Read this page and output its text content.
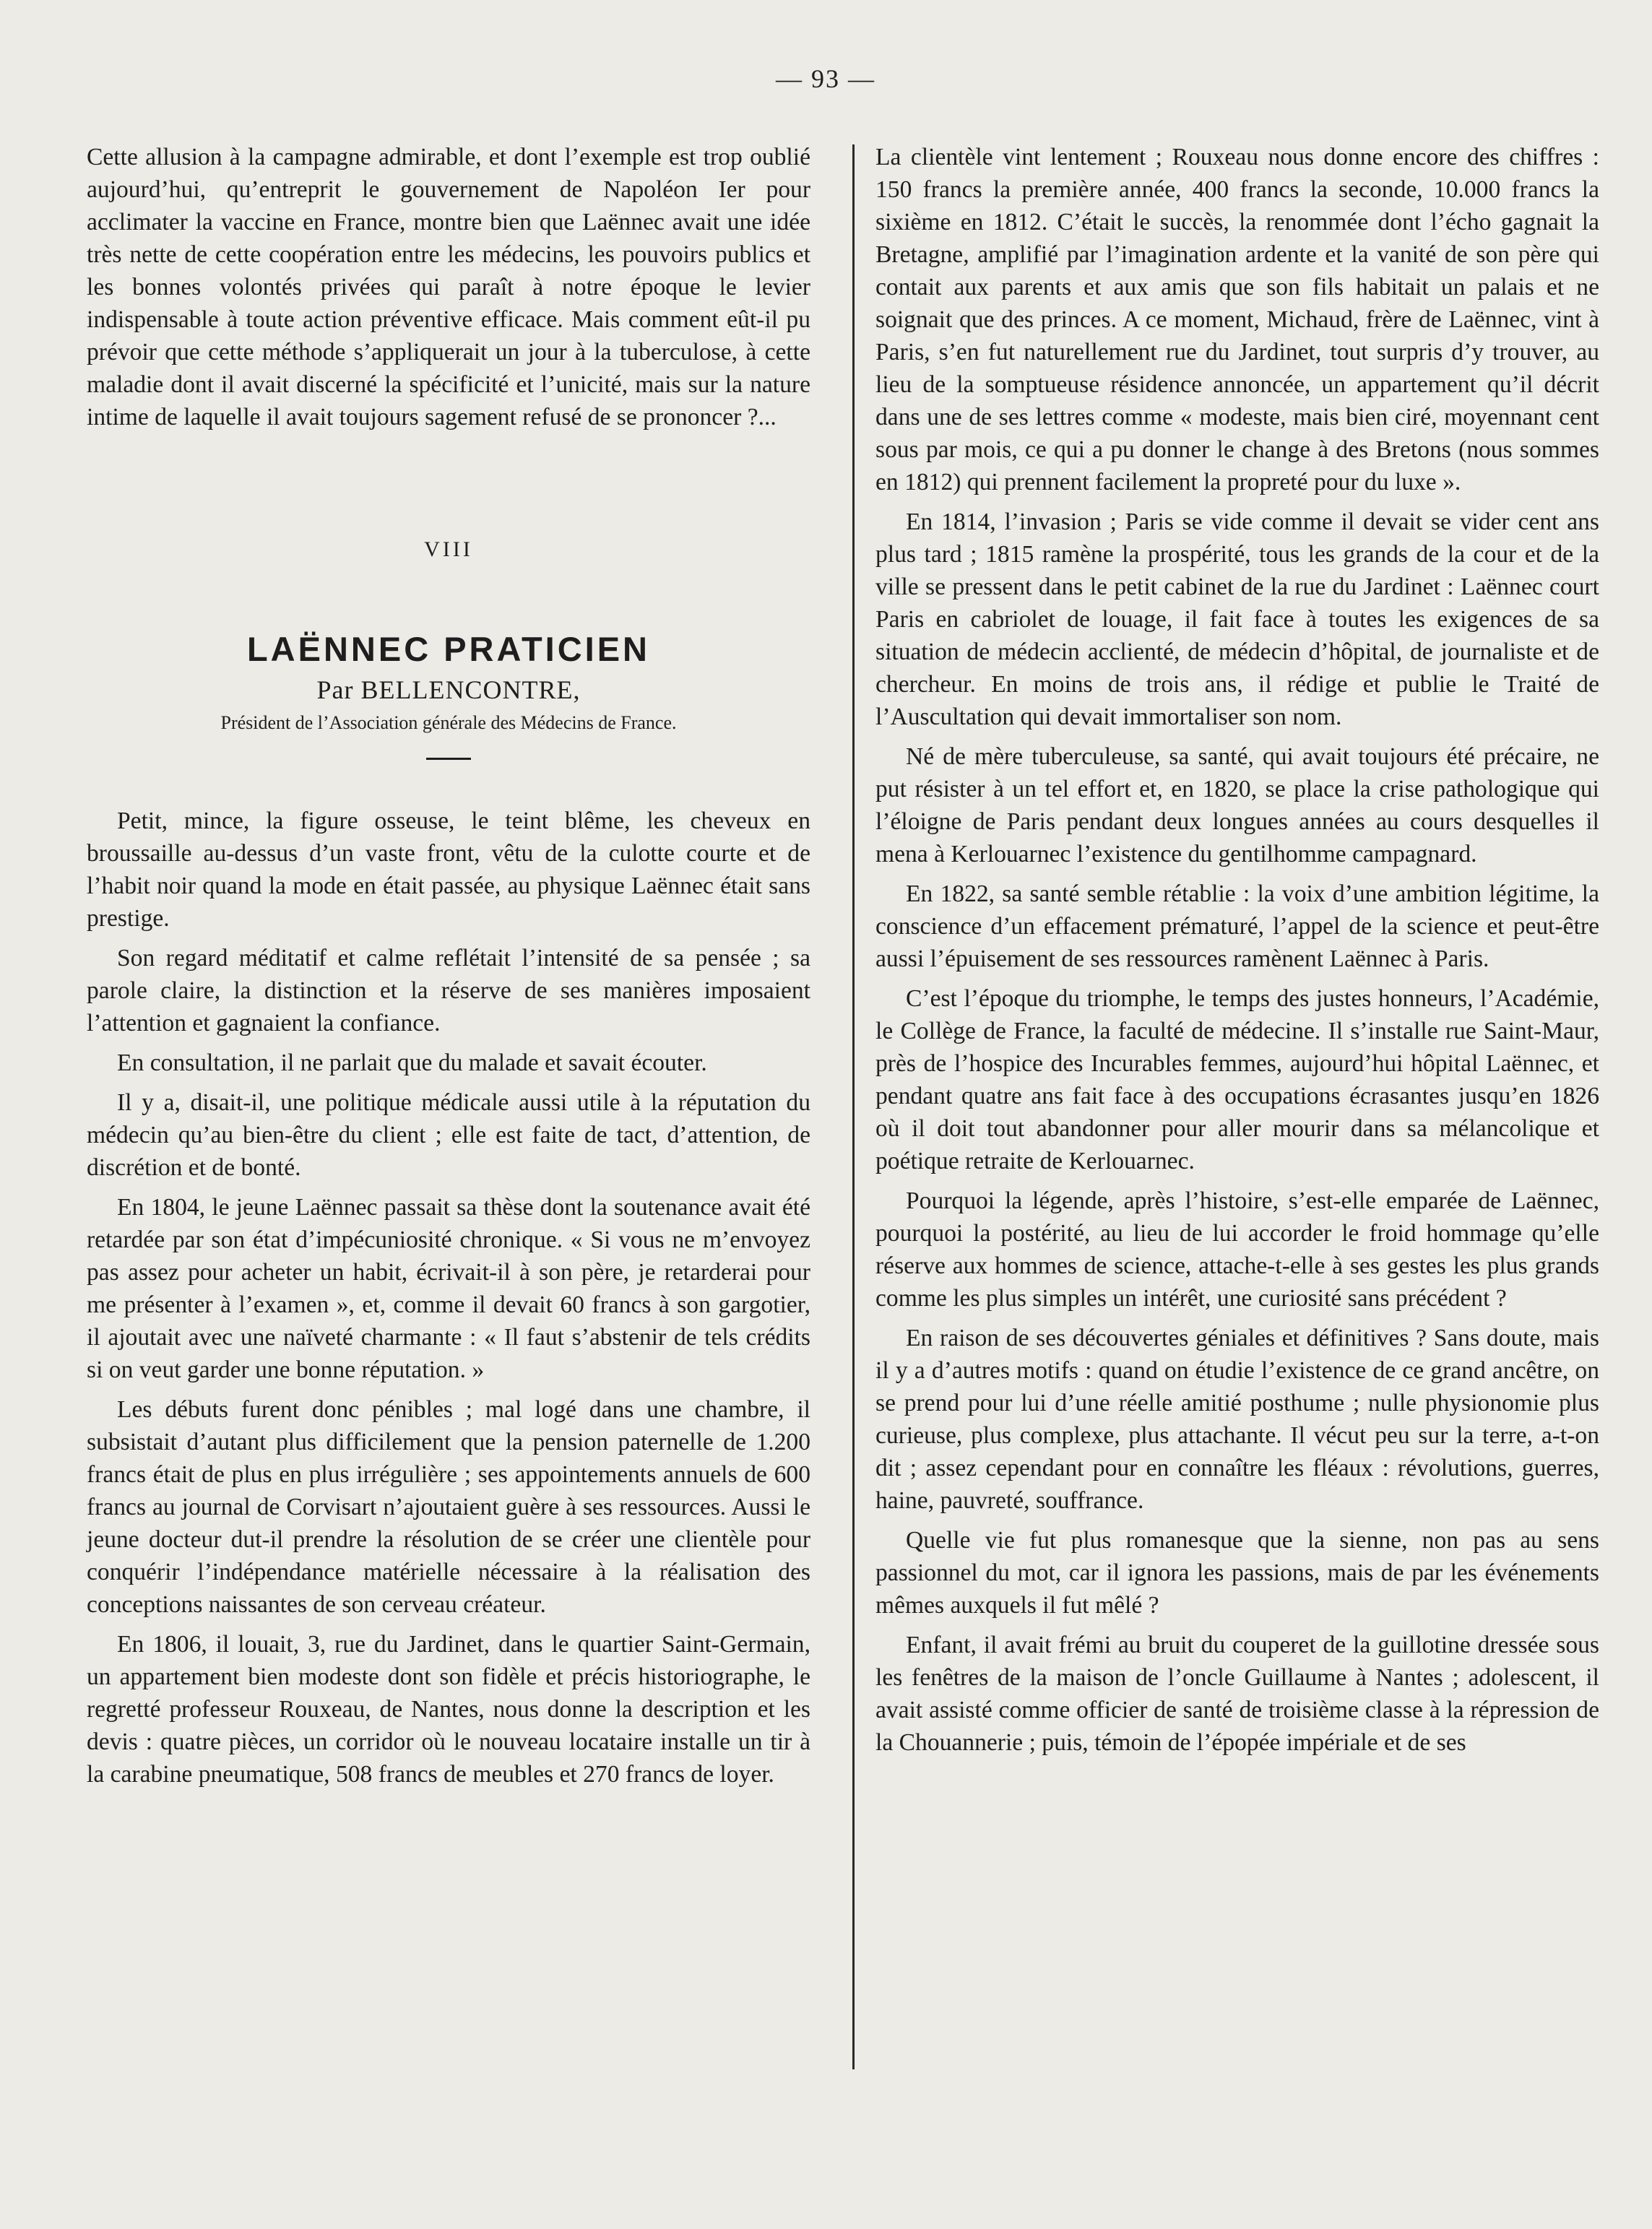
— 93 —

Cette allusion à la campagne admirable, et dont l’exemple est trop oublié aujourd’hui, qu’entreprit le gouvernement de Napoléon Ier pour acclimater la vaccine en France, montre bien que Laënnec avait une idée très nette de cette coopération entre les médecins, les pouvoirs publics et les bonnes volontés privées qui paraît à notre époque le levier indispensable à toute action préventive efficace. Mais comment eût-il pu prévoir que cette méthode s’appliquerait un jour à la tuberculose, à cette maladie dont il avait discerné la spécificité et l’unicité, mais sur la nature intime de laquelle il avait toujours sagement refusé de se prononcer ?...

VIII
LAËNNEC PRATICIEN
Par BELLENCONTRE,
Président de l’Association générale des Médecins de France.

Petit, mince, la figure osseuse, le teint blême, les cheveux en broussaille au-dessus d’un vaste front, vêtu de la culotte courte et de l’habit noir quand la mode en était passée, au physique Laënnec était sans prestige.

Son regard méditatif et calme reflétait l’intensité de sa pensée ; sa parole claire, la distinction et la réserve de ses manières imposaient l’attention et gagnaient la confiance.

En consultation, il ne parlait que du malade et savait écouter.

Il y a, disait-il, une politique médicale aussi utile à la réputation du médecin qu’au bien-être du client ; elle est faite de tact, d’attention, de discrétion et de bonté.

En 1804, le jeune Laënnec passait sa thèse dont la soutenance avait été retardée par son état d’impécuniosité chronique. « Si vous ne m’envoyez pas assez pour acheter un habit, écrivait-il à son père, je retarderai pour me présenter à l’examen », et, comme il devait 60 francs à son gargotier, il ajoutait avec une naïveté charmante : « Il faut s’abstenir de tels crédits si on veut garder une bonne réputation. »

Les débuts furent donc pénibles ; mal logé dans une chambre, il subsistait d’autant plus difficilement que la pension paternelle de 1.200 francs était de plus en plus irrégulière ; ses appointements annuels de 600 francs au journal de Corvisart n’ajoutaient guère à ses ressources. Aussi le jeune docteur dut-il prendre la résolution de se créer une clientèle pour conquérir l’indépendance matérielle nécessaire à la réalisation des conceptions naissantes de son cerveau créateur.

En 1806, il louait, 3, rue du Jardinet, dans le quartier Saint-Germain, un appartement bien modeste dont son fidèle et précis historiographe, le regretté professeur Rouxeau, de Nantes, nous donne la description et les devis : quatre pièces, un corridor où le nouveau locataire installe un tir à la carabine pneumatique, 508 francs de meubles et 270 francs de loyer.

La clientèle vint lentement ; Rouxeau nous donne encore des chiffres : 150 francs la première année, 400 francs la seconde, 10.000 francs la sixième en 1812. C’était le succès, la renommée dont l’écho gagnait la Bretagne, amplifié par l’imagination ardente et la vanité de son père qui contait aux parents et aux amis que son fils habitait un palais et ne soignait que des princes. A ce moment, Michaud, frère de Laënnec, vint à Paris, s’en fut naturellement rue du Jardinet, tout surpris d’y trouver, au lieu de la somptueuse résidence annoncée, un appartement qu’il décrit dans une de ses lettres comme « modeste, mais bien ciré, moyennant cent sous par mois, ce qui a pu donner le change à des Bretons (nous sommes en 1812) qui prennent facilement la propreté pour du luxe ».

En 1814, l’invasion ; Paris se vide comme il devait se vider cent ans plus tard ; 1815 ramène la prospérité, tous les grands de la cour et de la ville se pressent dans le petit cabinet de la rue du Jardinet : Laënnec court Paris en cabriolet de louage, il fait face à toutes les exigences de sa situation de médecin acclienté, de médecin d’hôpital, de journaliste et de chercheur. En moins de trois ans, il rédige et publie le Traité de l’Auscultation qui devait immortaliser son nom.

Né de mère tuberculeuse, sa santé, qui avait toujours été précaire, ne put résister à un tel effort et, en 1820, se place la crise pathologique qui l’éloigne de Paris pendant deux longues années au cours desquelles il mena à Kerlouarnec l’existence du gentilhomme campagnard.

En 1822, sa santé semble rétablie : la voix d’une ambition légitime, la conscience d’un effacement prématuré, l’appel de la science et peut-être aussi l’épuisement de ses ressources ramènent Laënnec à Paris.

C’est l’époque du triomphe, le temps des justes honneurs, l’Académie, le Collège de France, la faculté de médecine. Il s’installe rue Saint-Maur, près de l’hospice des Incurables femmes, aujourd’hui hôpital Laënnec, et pendant quatre ans fait face à des occupations écrasantes jusqu’en 1826 où il doit tout abandonner pour aller mourir dans sa mélancolique et poétique retraite de Kerlouarnec.

Pourquoi la légende, après l’histoire, s’est-elle emparée de Laënnec, pourquoi la postérité, au lieu de lui accorder le froid hommage qu’elle réserve aux hommes de science, attache-t-elle à ses gestes les plus grands comme les plus simples un intérêt, une curiosité sans précédent ?

En raison de ses découvertes géniales et définitives ? Sans doute, mais il y a d’autres motifs : quand on étudie l’existence de ce grand ancêtre, on se prend pour lui d’une réelle amitié posthume ; nulle physionomie plus curieuse, plus complexe, plus attachante. Il vécut peu sur la terre, a-t-on dit ; assez cependant pour en connaître les fléaux : révolutions, guerres, haine, pauvreté, souffrance.

Quelle vie fut plus romanesque que la sienne, non pas au sens passionnel du mot, car il ignora les passions, mais de par les événements mêmes auxquels il fut mêlé ?

Enfant, il avait frémi au bruit du couperet de la guillotine dressée sous les fenêtres de la maison de l’oncle Guillaume à Nantes ; adolescent, il avait assisté comme officier de santé de troisième classe à la répression de la Chouannerie ; puis, témoin de l’épopée impériale et de ses
